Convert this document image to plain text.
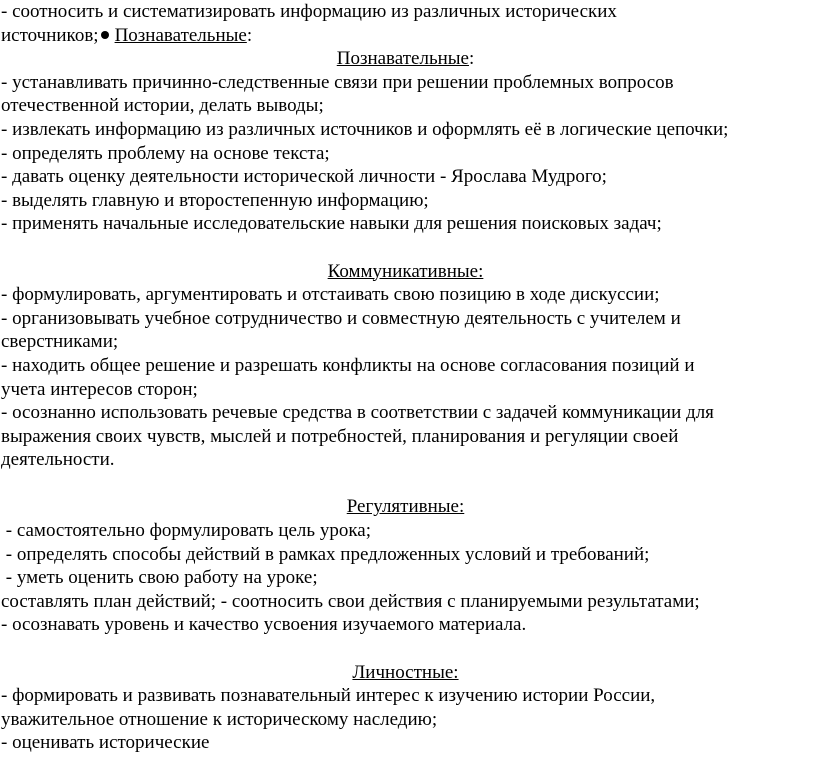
- соотносить и систематизировать информацию из различных исторических

источников; Познавательные:

Познавательные:

- устанавливать причинно-следственные связи при решении проблемных вопросов

отечественной истории, делать выводы;

- извлекать информацию из различных источников и оформлять её в логические цепочки;

- определять проблему на основе текста;

- давать оценку деятельности исторической личности - Ярослава Мудрого;

- выделять главную и второстепенную информацию;

- применять начальные исследовательские навыки для решения поисковых задач;

Коммуникативные:

- формулировать, аргументировать и отстаивать свою позицию в ходе дискуссии;

- организовывать учебное сотрудничество и совместную деятельность с учителем и

сверстниками;

- находить общее решение и разрешать конфликты на основе согласования позиций и

учета интересов сторон;

- осознанно использовать речевые средства в соответствии с задачей коммуникации для

выражения своих чувств, мыслей и потребностей, планирования и регуляции своей

деятельности.

Регулятивные:

- самостоятельно формулировать цель урока;

- определять способы действий в рамках предложенных условий и требований;

- уметь оценить свою работу на уроке;

составлять план действий; - соотносить свои действия с планируемыми результатами;

- осознавать уровень и качество усвоения изучаемого материала.

Личностные:

- формировать и развивать познавательный интерес к изучению истории России,

уважительное отношение к историческому наследию;

- оценивать исторические
